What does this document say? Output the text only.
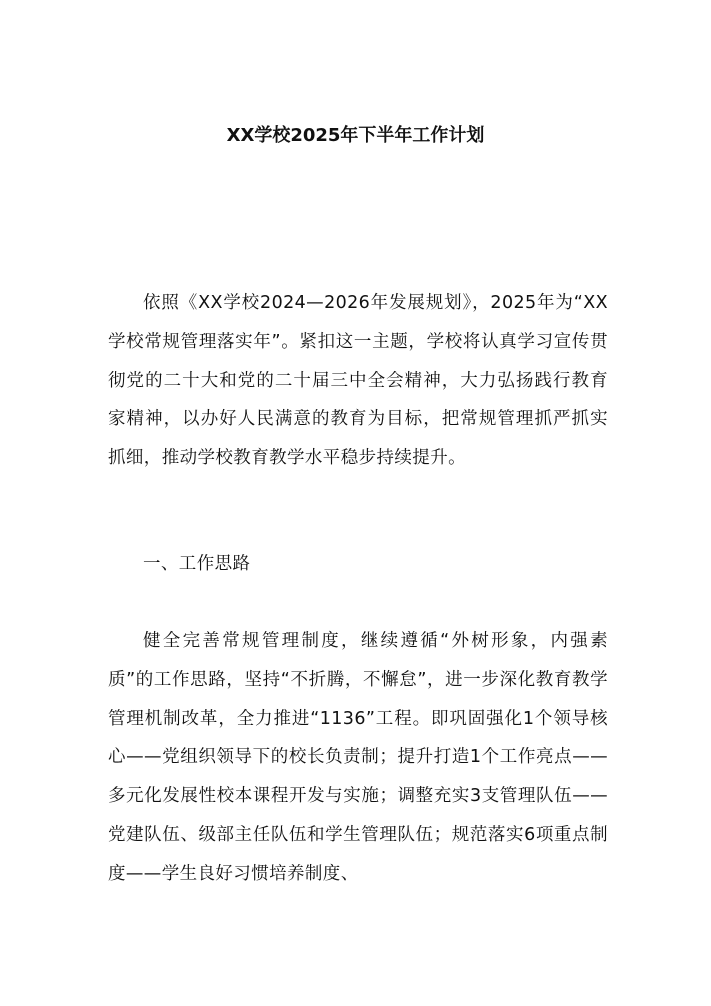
XX学校2025年下半年工作计划

依照《XX学校2024—2026年发展规划》，2025年为“XX学校常规管理落实年”。紧扣这一主题，学校将认真学习宣传贯彻党的二十大和党的二十届三中全会精神，大力弘扬践行教育家精神，以办好人民满意的教育为目标，把常规管理抓严抓实抓细，推动学校教育教学水平稳步持续提升。

一、工作思路

健全完善常规管理制度，继续遵循“外树形象，内强素质”的工作思路，坚持“不折腾，不懈怠”，进一步深化教育教学管理机制改革，全力推进“1136”工程。即巩固强化1个领导核心——党组织领导下的校长负责制；提升打造1个工作亮点——多元化发展性校本课程开发与实施；调整充实3支管理队伍——党建队伍、级部主任队伍和学生管理队伍；规范落实6项重点制度——学生良好习惯培养制度、
